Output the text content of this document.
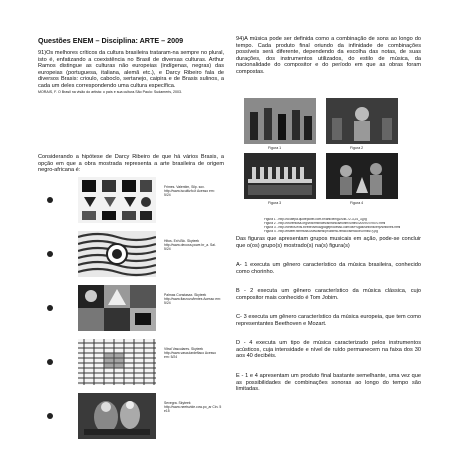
Questões ENEM – Disciplina: ARTE – 2009

91)Os melhores críticos da cultura brasileira trataram-na sempre no plural, isto é, enfatizando a coexistência no Brasil de diversas culturas. Arthur Ramos distingue as culturas não europeias (indígenas, negras) das europeias (portuguesa, italiana, alemã etc.), e Darcy Ribeiro fala de diversos Brasis: crioulo, caboclo, sertanejo, caipira e de Brasis sulinos, a cada um deles correspondendo uma cultura específica.
MORAIS, F. O Brasil na visão do artista: o país e sua cultura.São Paulo: Sudameris, 2003.

Considerando a hipótese de Darcy Ribeiro de que há vários Brasis, a opção em que a obra mostrada representa a arte brasileira de origem negro-africana é:

Frimes. Valentim, Silp. sov. http://www.iscultizfo.it Acesso em: 5/24
Hitos. Exh.Blc. Skyteek http://www.decoxa.pcwe.br_a. Sai. 5/24
Palmas Constasax. Skyteek http://www.flarzovo/lentes Acesso em: 5/24
Vitral Vasculares. Skyteek http://www.vasculardeflaco Acesso em: 5/24
Sevegra. Skyteek http://www.neetsvide.cow.po_ar Cin. 5 e15

94)A música pode ser definida como a combinação de sons ao longo do tempo. Cada produto final oriundo da infinidade de combinações possíveis será diferente, dependendo da escolha das notas, de suas durações, dos instrumentos utilizados, do estilo de música, da nacionalidade do compositor e do período em que as obras foram compostas.

Figura 1	Figura 2
Figura 3	Figura 4
Figura 1 - http://ocutepa.quotepoitel.com.br/article/fig1/s/kt-72-3,24_3.jpg
Figura 2 - http://cfurentosa.org/vivk/fmilhoes/sinfonica/florim/Sinfnc/2009/07/9570.html
Figura 3 - http://celecs.exis.br/exeuvtrua/jpageprocesso.com/de/Fugas/sinfons/lerp/sinfones.html
Figura 4 - http://bsteer.filmmuss.usitvi/aleis/pr/ubiera-rerdoo/siefocoel-inhss/?j-pg

Das figuras que apresentam grupos musicais em ação, pode-se concluir que o(os) grupo(s) mostrado(s) na(s) figura(s)

A- 1 executa um gênero característico da música brasileira, conhecido como chorinho.

B - 2 executa um gênero característico da música clássica, cujo compositor mais conhecido é Tom Jobim.

C- 3 executa um gênero característico da música europeia, que tem como representantes Beethoven e Mozart.

D - 4 executa um tipo de música caracterizado pelos instrumentos acústicos, cuja intensidade e nível de ruído permanecem na faixa dos 30 aos 40 decibéis.

E - 1 e 4 apresentam um produto final bastante semelhante, uma vez que as possibilidades de combinações sonoras ao longo do tempo são limitadas.
